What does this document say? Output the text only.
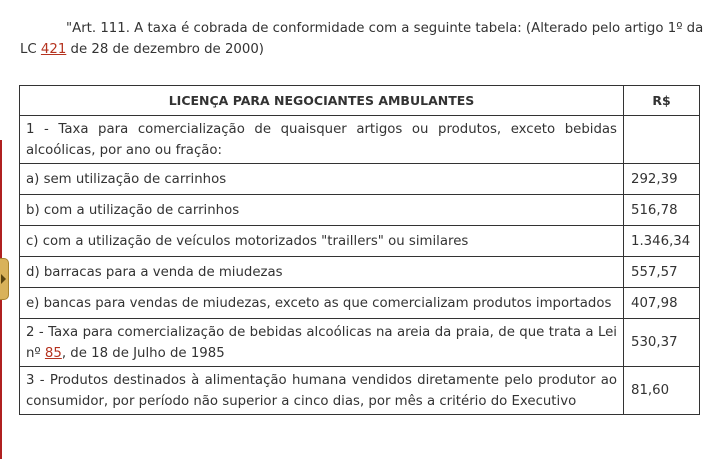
"Art. 111. A taxa é cobrada de conformidade com a seguinte tabela: (Alterado pelo artigo 1º da LC 421 de 28 de dezembro de 2000)
LICENÇA PARA NEGOCIANTES AMBULANTES	R$
1 - Taxa para comercialização de quaisquer artigos ou produtos, exceto bebidas alcoólicas, por ano ou fração:	
a) sem utilização de carrinhos	292,39
b) com a utilização de carrinhos	516,78
c) com a utilização de veículos motorizados "traillers" ou similares	1.346,34
d) barracas para a venda de miudezas	557,57
e) bancas para vendas de miudezas, exceto as que comercializam produtos importados	407,98
2 - Taxa para comercialização de bebidas alcoólicas na areia da praia, de que trata a Lei nº 85, de 18 de Julho de 1985	530,37
3 - Produtos destinados à alimentação humana vendidos diretamente pelo produtor ao consumidor, por período não superior a cinco dias, por mês a critério do Executivo	81,60
